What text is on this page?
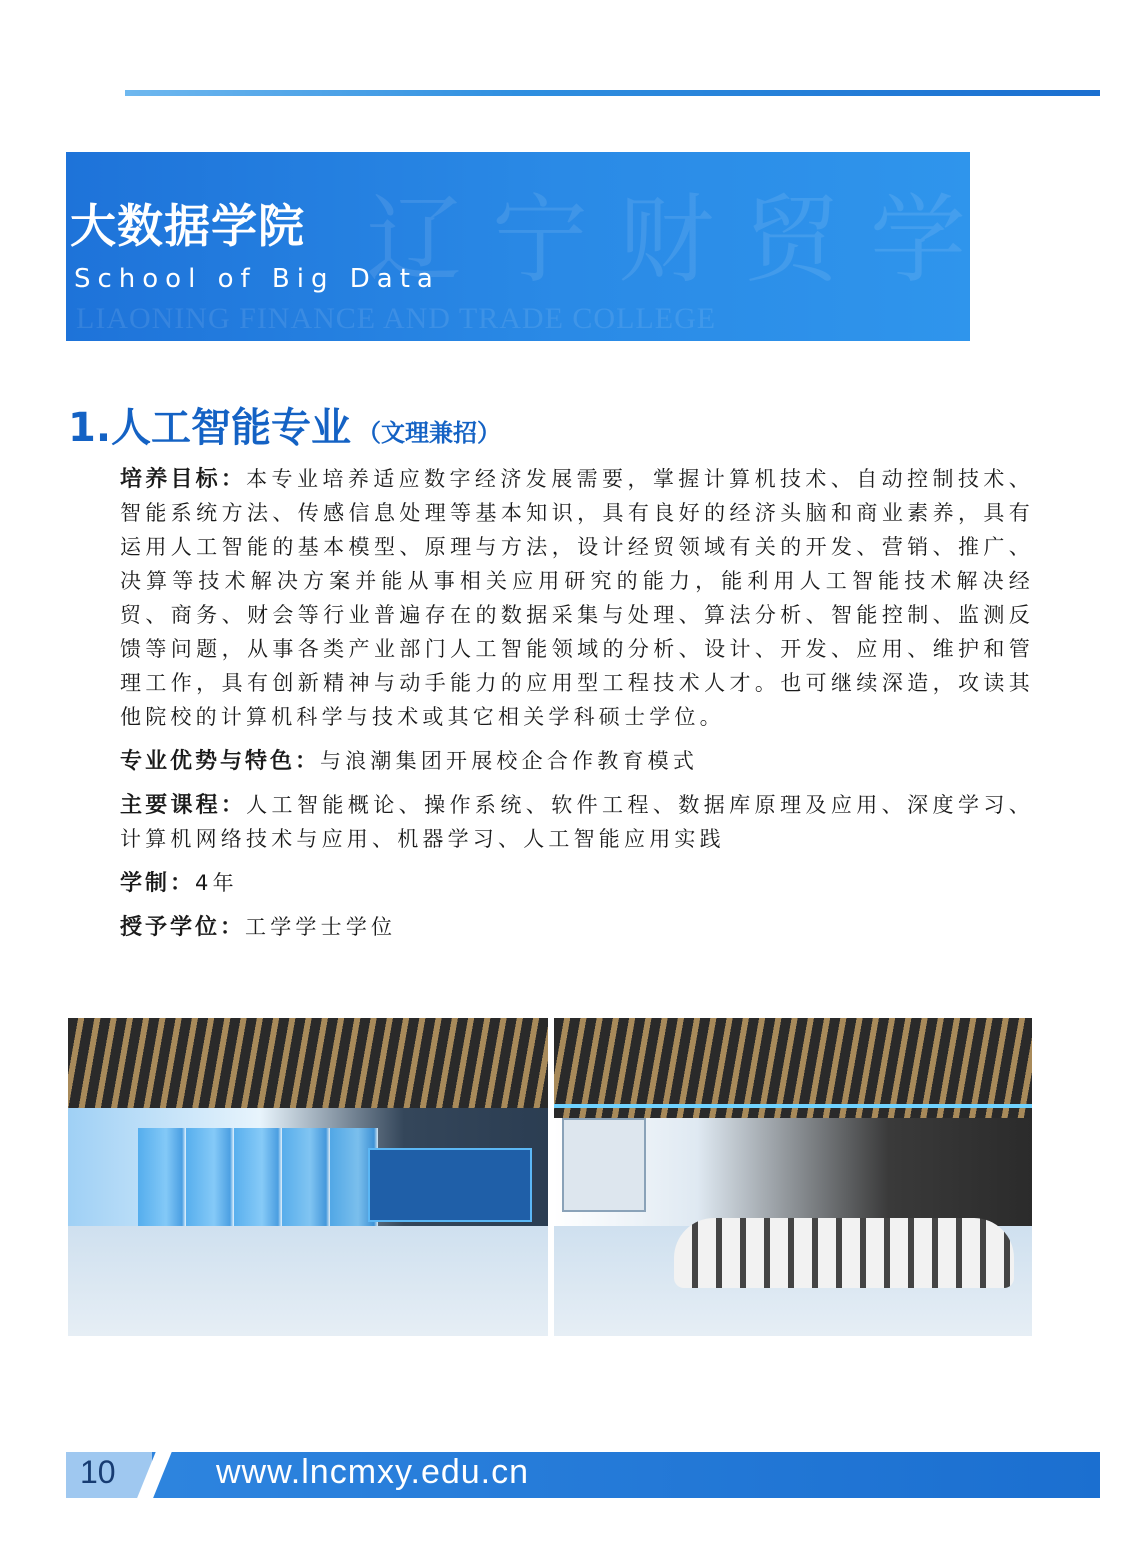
辽宁财贸学院
LIAONING FINANCE AND TRADE COLLEGE
大数据学院
School of Big Data
1.人工智能专业 （文理兼招）

培养目标：本专业培养适应数字经济发展需要，掌握计算机技术、自动控制技术、智能系统方法、传感信息处理等基本知识，具有良好的经济头脑和商业素养，具有运用人工智能的基本模型、原理与方法，设计经贸领域有关的开发、营销、推广、决算等技术解决方案并能从事相关应用研究的能力，能利用人工智能技术解决经贸、商务、财会等行业普遍存在的数据采集与处理、算法分析、智能控制、监测反馈等问题，从事各类产业部门人工智能领域的分析、设计、开发、应用、维护和管理工作，具有创新精神与动手能力的应用型工程技术人才。也可继续深造，攻读其他院校的计算机科学与技术或其它相关学科硕士学位。

专业优势与特色：与浪潮集团开展校企合作教育模式

主要课程：人工智能概论、操作系统、软件工程、数据库原理及应用、深度学习、计算机网络技术与应用、机器学习、人工智能应用实践

学制：4年

授予学位：工学学士学位

10	www.lncmxy.edu.cn
